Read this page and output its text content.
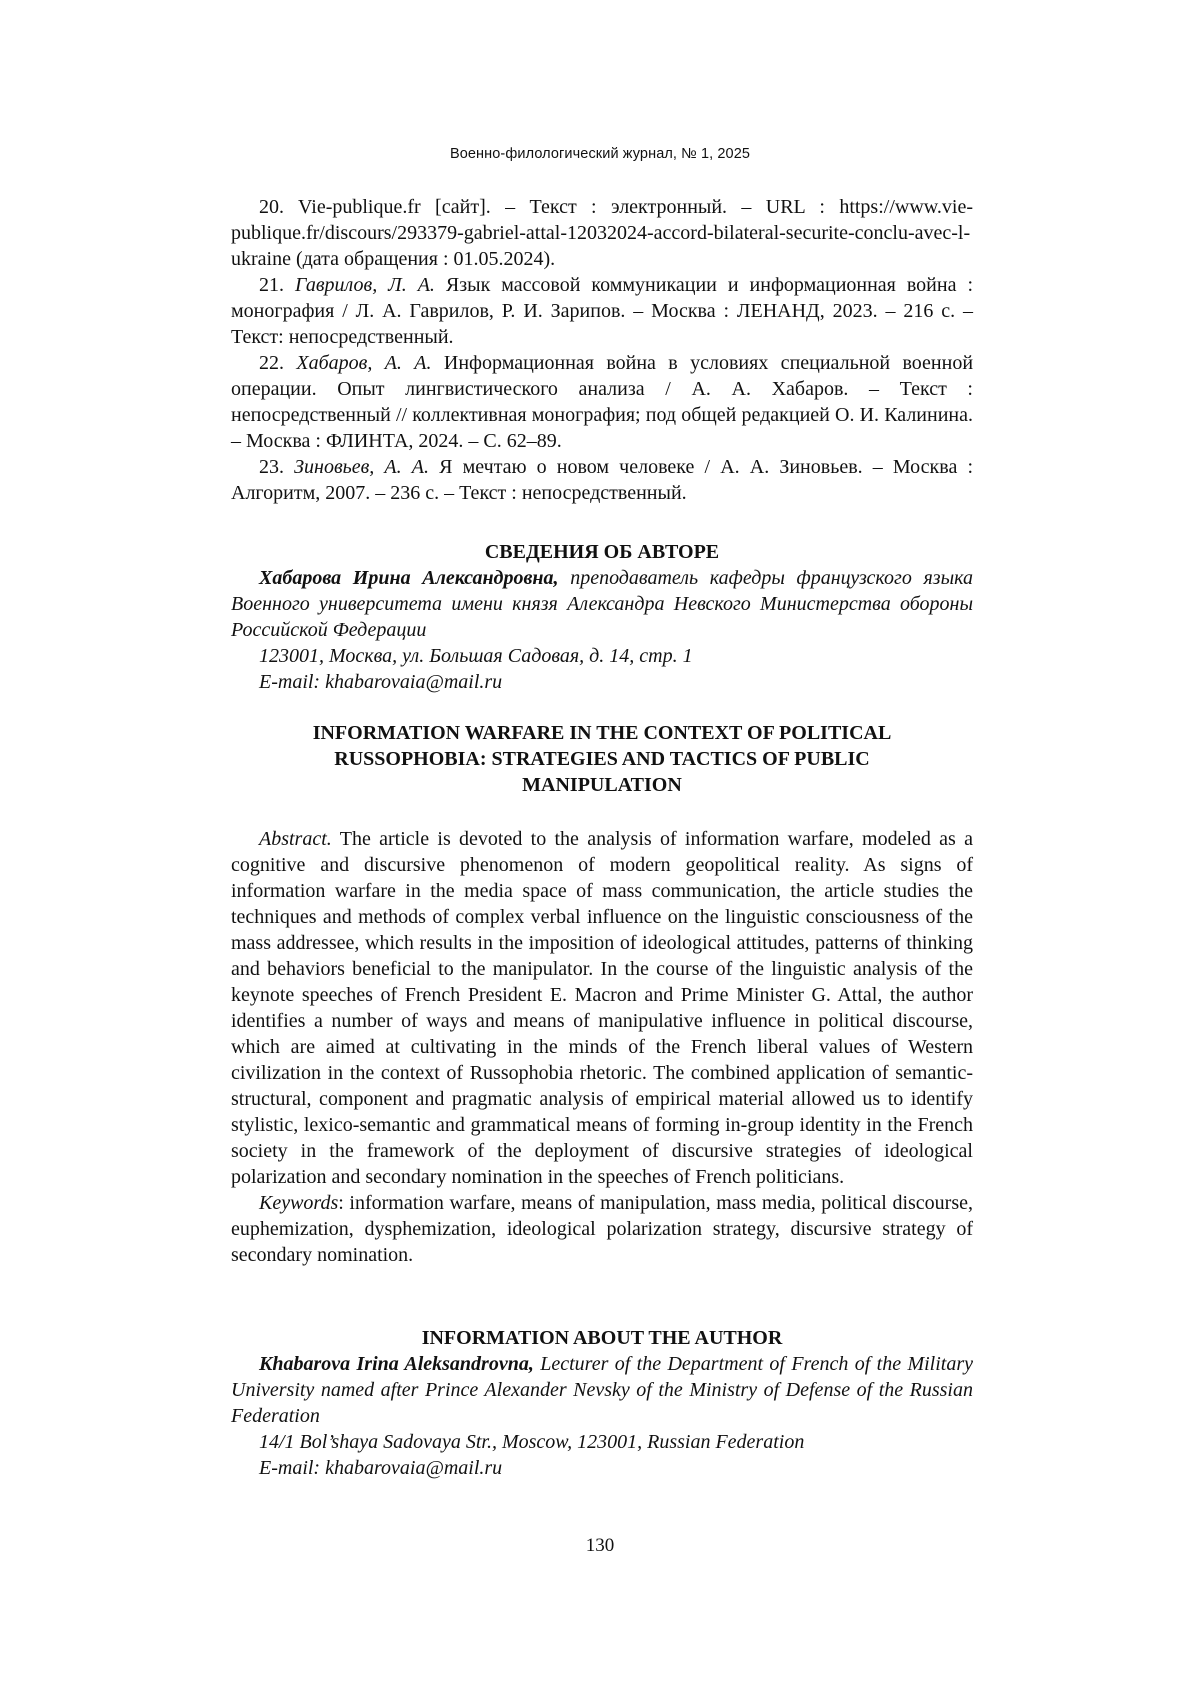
Военно-филологический журнал, № 1, 2025

20. Vie-publique.fr [сайт]. – Текст : электронный. – URL : https://www.vie-publique.fr/discours/293379-gabriel-attal-12032024-accord-bilateral-securite-conclu-avec-l-ukraine (дата обращения : 01.05.2024).

21. Гаврилов, Л. А. Язык массовой коммуникации и информационная война : монография / Л. А. Гаврилов, Р. И. Зарипов. – Москва : ЛЕНАНД, 2023. – 216 с. – Текст: непосредственный.

22. Хабаров, А. А. Информационная война в условиях специальной военной операции. Опыт лингвистического анализа / А. А. Хабаров. – Текст : непосредственный // коллективная монография; под общей редакцией О. И. Калинина. – Москва : ФЛИНТА, 2024. – С. 62–89.

23. Зиновьев, А. А. Я мечтаю о новом человеке / А. А. Зиновьев. – Москва : Алгоритм, 2007. – 236 с. – Текст : непосредственный.

СВЕДЕНИЯ ОБ АВТОРЕ

Хабарова Ирина Александровна, преподаватель кафедры французского языка Военного университета имени князя Александра Невского Министерства обороны Российской Федерации

123001, Москва, ул. Большая Садовая, д. 14, стр. 1

E-mail: khabarovaia@mail.ru

INFORMATION WARFARE IN THE CONTEXT OF POLITICAL

RUSSOPHOBIA: STRATEGIES AND TACTICS OF PUBLIC

MANIPULATION

Abstract. The article is devoted to the analysis of information warfare, modeled as a cognitive and discursive phenomenon of modern geopolitical reality. As signs of information warfare in the media space of mass communication, the article studies the techniques and methods of complex verbal influence on the linguistic consciousness of the mass addressee, which results in the imposition of ideological attitudes, patterns of thinking and behaviors beneficial to the manipulator. In the course of the linguistic analysis of the keynote speeches of French President E. Macron and Prime Minister G. Attal, the author identifies a number of ways and means of manipulative influence in political discourse, which are aimed at cultivating in the minds of the French liberal values of Western civilization in the context of Russophobia rhetoric. The combined application of semantic-structural, component and pragmatic analysis of empirical material allowed us to identify stylistic, lexico-semantic and grammatical means of forming in-group identity in the French society in the framework of the deployment of discursive strategies of ideological polarization and secondary nomination in the speeches of French politicians.

Keywords: information warfare, means of manipulation, mass media, political discourse, euphemization, dysphemization, ideological polarization strategy, discursive strategy of secondary nomination.

INFORMATION ABOUT THE AUTHOR

Khabarova Irina Aleksandrovna, Lecturer of the Department of French of the Military University named after Prince Alexander Nevsky of the Ministry of Defense of the Russian Federation

14/1 Bol’shaya Sadovaya Str., Moscow, 123001, Russian Federation

E-mail: khabarovaia@mail.ru

130
